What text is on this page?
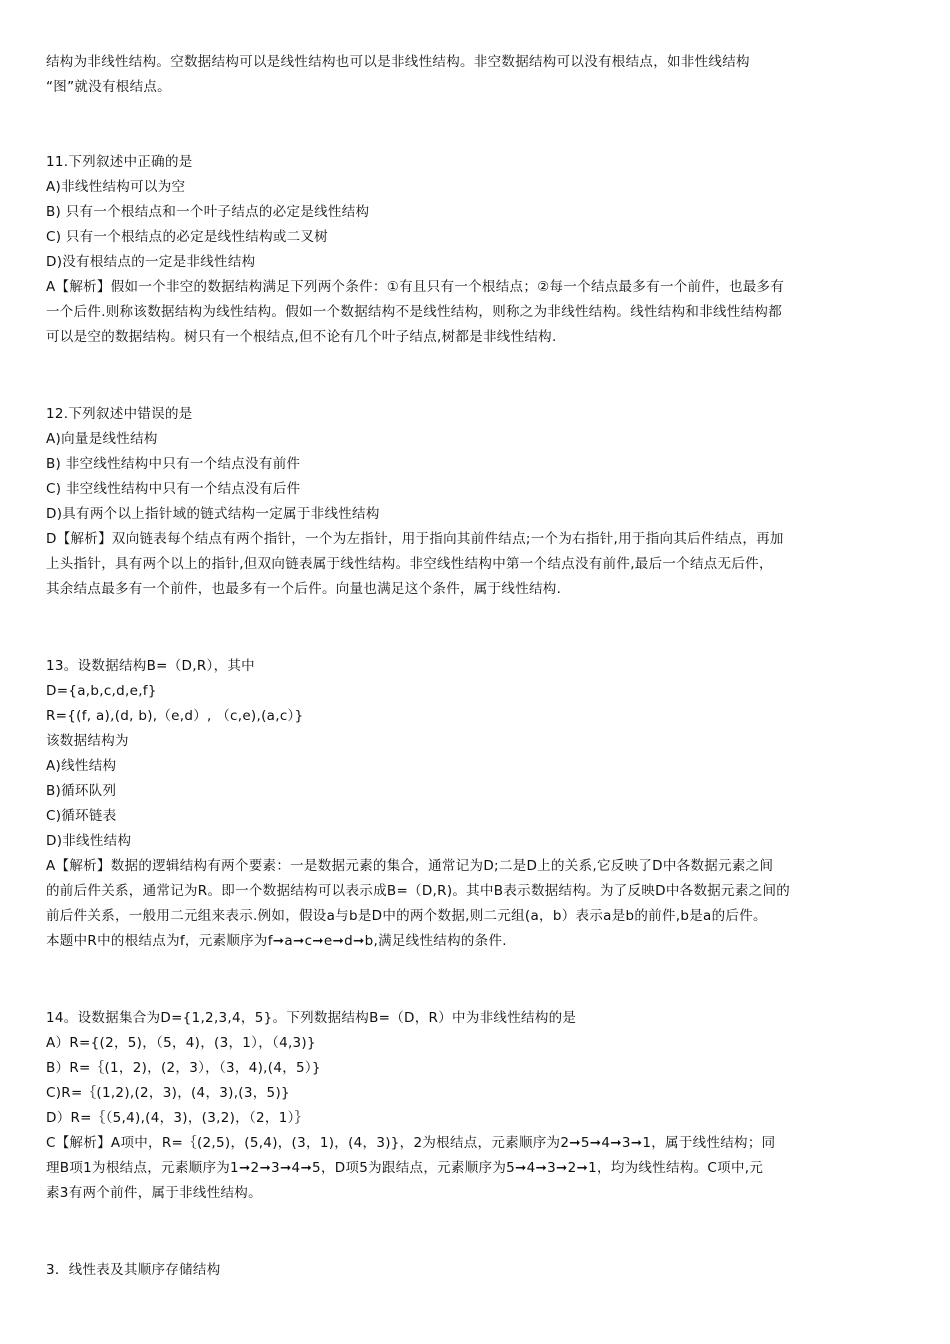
结构为非线性结构。空数据结构可以是线性结构也可以是非线性结构。非空数据结构可以没有根结点，如非性线结构
“图”就没有根结点。
11.下列叙述中正确的是
A)非线性结构可以为空
B) 只有一个根结点和一个叶子结点的必定是线性结构
C) 只有一个根结点的必定是线性结构或二叉树
D)没有根结点的一定是非线性结构
A【解析】假如一个非空的数据结构满足下列两个条件：①有且只有一个根结点；②每一个结点最多有一个前件，也最多有
一个后件.则称该数据结构为线性结构。假如一个数据结构不是线性结构，则称之为非线性结构。线性结构和非线性结构都
可以是空的数据结构。树只有一个根结点,但不论有几个叶子结点,树都是非线性结构.
12.下列叙述中错误的是
A)向量是线性结构
B) 非空线性结构中只有一个结点没有前件
C) 非空线性结构中只有一个结点没有后件
D)具有两个以上指针域的链式结构一定属于非线性结构
D【解析】双向链表每个结点有两个指针，一个为左指针，用于指向其前件结点;一个为右指针,用于指向其后件结点，再加
上头指针，具有两个以上的指针,但双向链表属于线性结构。非空线性结构中第一个结点没有前件,最后一个结点无后件，
其余结点最多有一个前件，也最多有一个后件。向量也满足这个条件，属于线性结构.
13。设数据结构B=（D,R），其中
D={a,b,c,d,e,f}
R={(f, a),(d, b),（e,d）, （c,e),(a,c）}
该数据结构为
A)线性结构
B)循环队列
C)循环链表
D)非线性结构
A【解析】数据的逻辑结构有两个要素：一是数据元素的集合，通常记为D;二是D上的关系,它反映了D中各数据元素之间
的前后件关系，通常记为R。即一个数据结构可以表示成B=（D,R)。其中B表示数据结构。为了反映D中各数据元素之间的
前后件关系，一般用二元组来表示.例如，假设a与b是D中的两个数据,则二元组(a，b）表示a是b的前件,b是a的后件。
本题中R中的根结点为f，元素顺序为f➞a➞c➞e➞d➞b,满足线性结构的条件.
14。设数据集合为D={1,2,3,4，5}。下列数据结构B=（D，R）中为非线性结构的是
A）R={(2，5)，（5，4)，(3，1），（4,3)}
B）R=｛(1，2)，(2，3），（3，4),(4，5）}
C)R=｛(1,2),(2，3)，(4，3),(3，5)}
D）R=｛（5,4),(4，3)，(3,2)，（2，1）｝
C【解析】A项中，R=｛(2,5)，(5,4)，(3，1)，(4，3)}，2为根结点，元素顺序为2➞5➞4➞3➞1，属于线性结构；同
理B项1为根结点，元素顺序为1➞2➞3➞4➞5，D项5为跟结点，元素顺序为5➞4➞3➞2➞1，均为线性结构。C项中,元
素3有两个前件，属于非线性结构。
3．线性表及其顺序存储结构
